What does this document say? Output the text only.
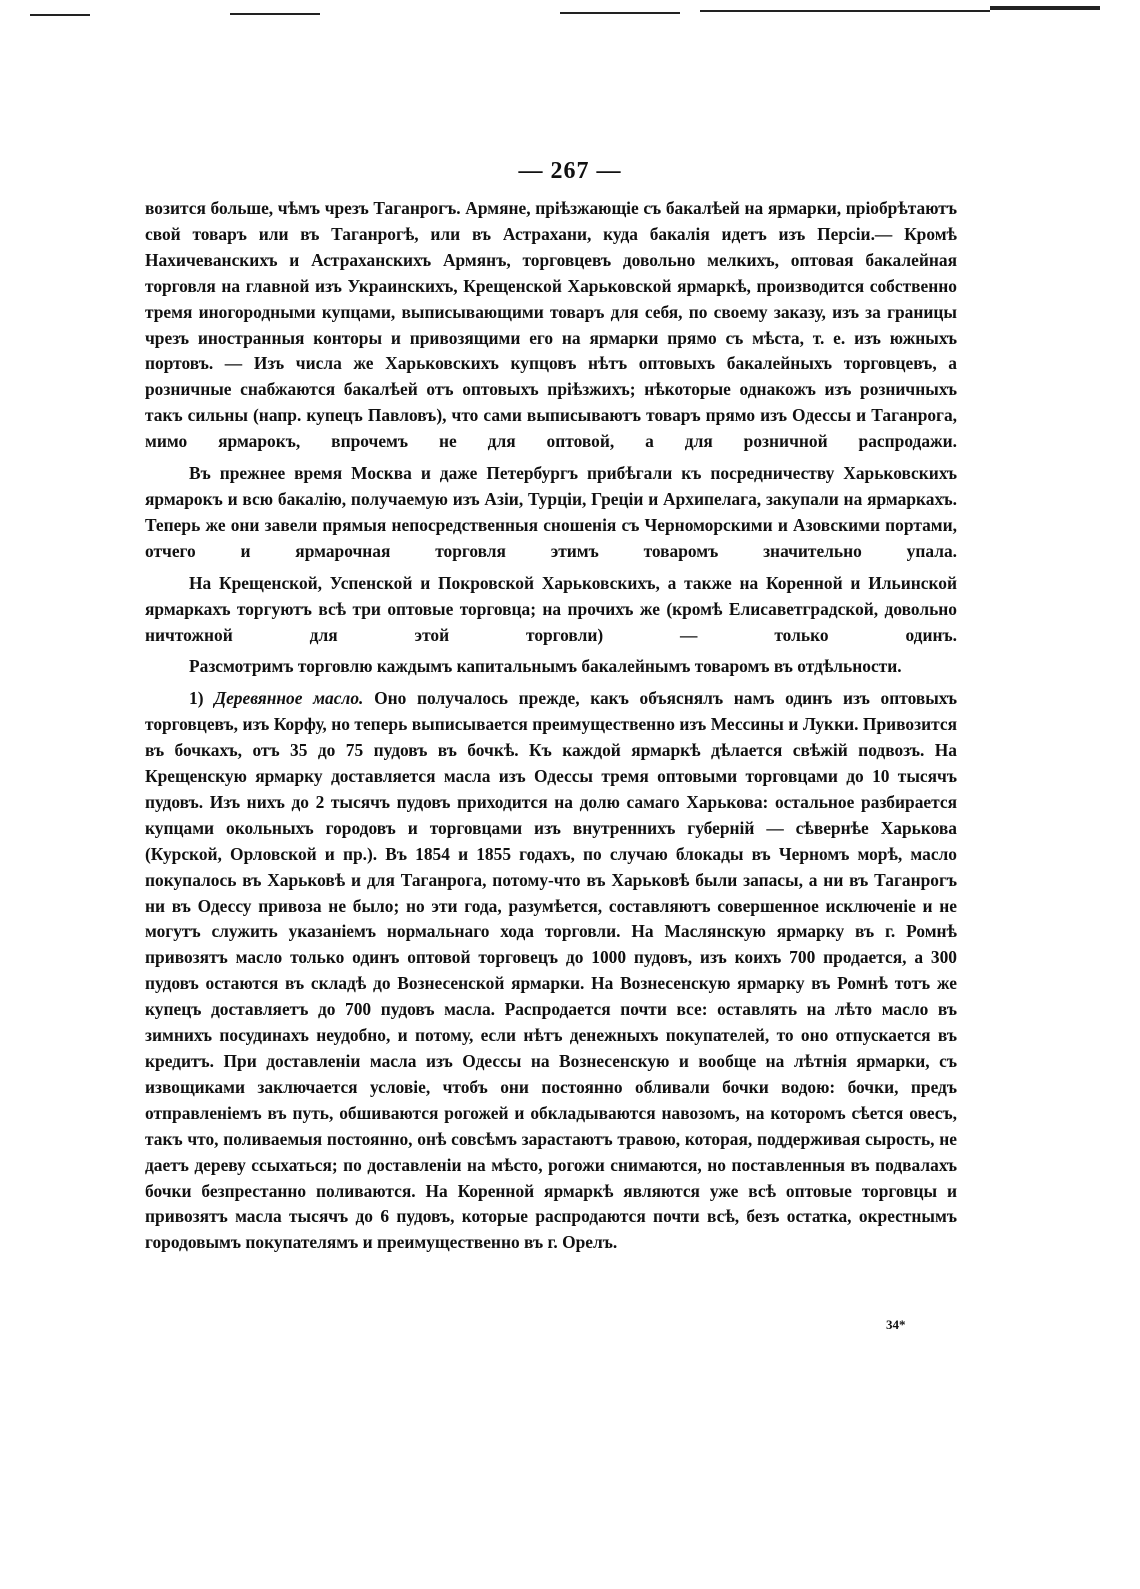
— 267 —

возится больше, чѣмъ чрезъ Таганрогъ. Армяне, пріѣзжающіе съ бакалѣей на ярмарки, пріобрѣтаютъ свой товаръ или въ Таганрогѣ, или въ Астрахани, куда бакалія идетъ изъ Персіи.— Кромѣ Нахичеванскихъ и Астраханскихъ Армянъ, торговцевъ довольно мелкихъ, оптовая бакалейная торговля на главной изъ Украинскихъ, Крещенской Харьковской ярмаркѣ, производится собственно тремя иногородными купцами, выписывающими товаръ для себя, по своему заказу, изъ за границы чрезъ иностранныя конторы и привозящими его на ярмарки прямо съ мѣста, т. е. изъ южныхъ портовъ. — Изъ числа же Харьковскихъ купцовъ нѣтъ оптовыхъ бакалейныхъ торговцевъ, а розничные снабжаются бакалѣей отъ оптовыхъ пріѣзжихъ; нѣкоторые однакожъ изъ розничныхъ такъ сильны (напр. купецъ Павловъ), что сами выписываютъ товаръ прямо изъ Одессы и Таганрога, мимо ярмарокъ, впрочемъ не для оптовой, а для розничной распродажи.

Въ прежнее время Москва и даже Петербургъ прибѣгали къ посредничеству Харьковскихъ ярмарокъ и всю бакалію, получаемую изъ Азіи, Турціи, Греціи и Архипелага, закупали на ярмаркахъ. Теперь же они завели прямыя непосредственныя сношенія съ Черноморскими и Азовскими портами, отчего и ярмарочная торговля этимъ товаромъ значительно упала.

На Крещенской, Успенской и Покровской Харьковскихъ, а также на Коренной и Ильинской ярмаркахъ торгуютъ всѣ три оптовые торговца; на прочихъ же (кромѣ Елисаветградской, довольно ничтожной для этой торговли) — только одинъ.

Разсмотримъ торговлю каждымъ капитальнымъ бакалейнымъ товаромъ въ отдѣльности.

1) Деревянное масло. Оно получалось прежде, какъ объяснялъ намъ одинъ изъ оптовыхъ торговцевъ, изъ Корфу, но теперь выписывается преимущественно изъ Мессины и Лукки. Привозится въ бочкахъ, отъ 35 до 75 пудовъ въ бочкѣ. Къ каждой ярмаркѣ дѣлается свѣжій подвозъ. На Крещенскую ярмарку доставляется масла изъ Одессы тремя оптовыми торговцами до 10 тысячъ пудовъ. Изъ нихъ до 2 тысячъ пудовъ приходится на долю самаго Харькова: остальное разбирается купцами окольныхъ городовъ и торговцами изъ внутреннихъ губерній — сѣвернѣе Харькова (Курской, Орловской и пр.). Въ 1854 и 1855 годахъ, по случаю блокады въ Черномъ морѣ, масло покупалось въ Харьковѣ и для Таганрога, потому-что въ Харьковѣ были запасы, а ни въ Таганрогъ ни въ Одессу привоза не было; но эти года, разумѣется, составляютъ совершенное исключеніе и не могутъ служить указаніемъ нормальнаго хода торговли. На Маслянскую ярмарку въ г. Ромнѣ привозятъ масло только одинъ оптовой торговецъ до 1000 пудовъ, изъ коихъ 700 продается, а 300 пудовъ остаются въ складѣ до Вознесенской ярмарки. На Вознесенскую ярмарку въ Ромнѣ тотъ же купецъ доставляетъ до 700 пудовъ масла. Распродается почти все: оставлять на лѣто масло въ зимнихъ посудинахъ неудобно, и потому, если нѣтъ денежныхъ покупателей, то оно отпускается въ кредитъ. При доставленіи масла изъ Одессы на Вознесенскую и вообще на лѣтнія ярмарки, съ извощиками заключается условіе, чтобъ они постоянно обливали бочки водою: бочки, предъ отправленіемъ въ путь, обшиваются рогожей и обкладываются навозомъ, на которомъ сѣется овесъ, такъ что, поливаемыя постоянно, онѣ совсѣмъ зарастаютъ травою, которая, поддерживая сырость, не даетъ дереву ссыхаться; по доставленіи на мѣсто, рогожи снимаются, но поставленныя въ подвалахъ бочки безпрестанно поливаются. На Коренной ярмаркѣ являются уже всѣ оптовые торговцы и привозятъ масла тысячъ до 6 пудовъ, которые распродаются почти всѣ, безъ остатка, окрестнымъ городовымъ покупателямъ и преимущественно въ г. Орелъ.

34*
